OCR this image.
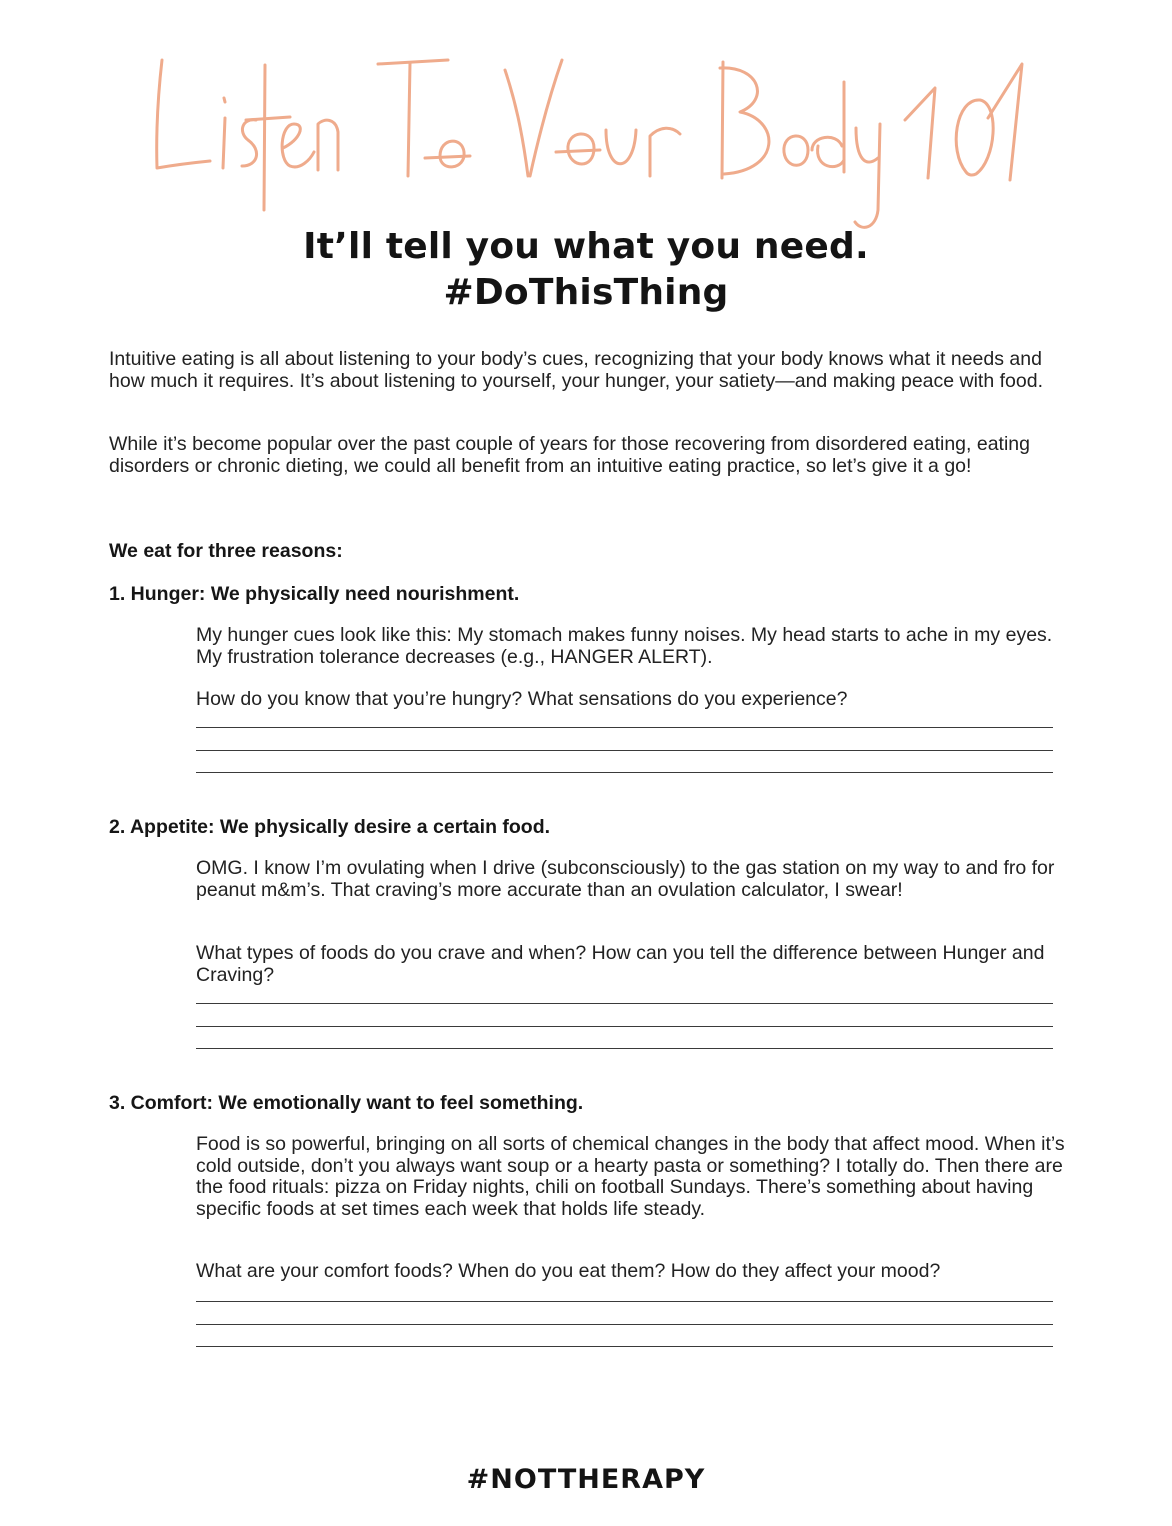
It’ll tell you what you need.
#DoThisThing

Intuitive eating is all about listening to your body’s cues, recognizing that your body knows what it needs and how much it requires. It’s about listening to yourself, your hunger, your satiety—and making peace with food.

While it’s become popular over the past couple of years for those recovering from disordered eating, eating disorders or chronic dieting, we could all benefit from an intuitive eating practice, so let’s give it a go!

We eat for three reasons:

1. Hunger: We physically need nourishment.

My hunger cues look like this: My stomach makes funny noises. My head starts to ache in my eyes. My frustration tolerance decreases (e.g., HANGER ALERT).

How do you know that you’re hungry? What sensations do you experience?

2. Appetite: We physically desire a certain food.

OMG. I know I’m ovulating when I drive (subconsciously) to the gas station on my way to and fro for peanut m&m’s. That craving’s more accurate than an ovulation calculator, I swear!

What types of foods do you crave and when? How can you tell the difference between Hunger and Craving?

3. Comfort: We emotionally want to feel something.

Food is so powerful, bringing on all sorts of chemical changes in the body that affect mood. When it’s cold outside, don’t you always want soup or a hearty pasta or something? I totally do. Then there are the food rituals: pizza on Friday nights, chili on football Sundays. There’s something about having specific foods at set times each week that holds life steady.

What are your comfort foods? When do you eat them? How do they affect your mood?

#NOTTHERAPY
